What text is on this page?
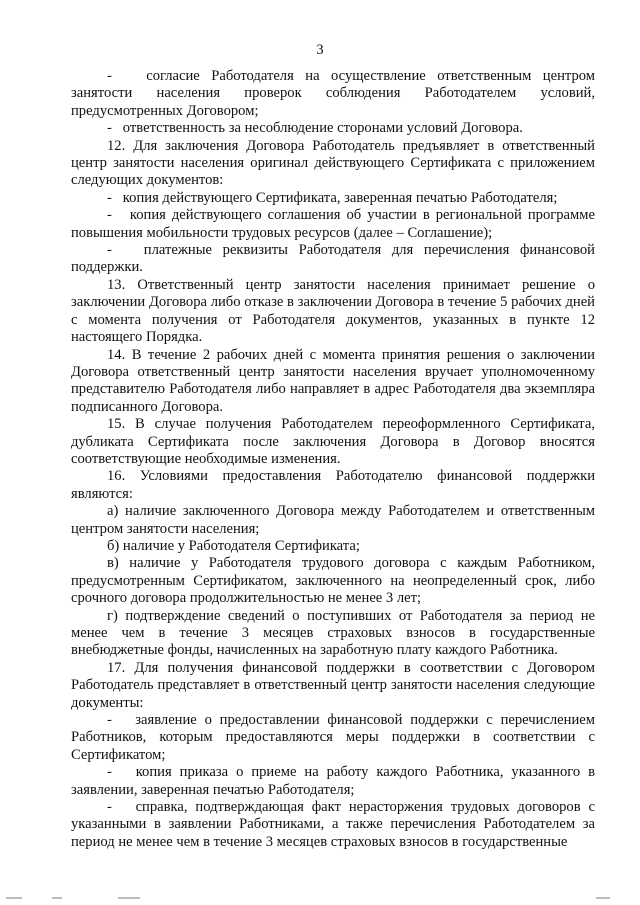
3

-   согласие Работодателя на осуществление ответственным центром занятости населения проверок соблюдения Работодателем условий, предусмотренных Договором;

-   ответственность за несоблюдение сторонами условий Договора.

12. Для заключения Договора Работодатель предъявляет в ответственный центр занятости населения оригинал действующего Сертификата с приложением следующих документов:

-   копия действующего Сертификата, заверенная печатью Работодателя;

-   копия действующего соглашения об участии в региональной программе повышения мобильности трудовых ресурсов (далее – Соглашение);

-   платежные реквизиты Работодателя для перечисления финансовой поддержки.

13. Ответственный центр занятости населения принимает решение о заключении Договора либо отказе в заключении Договора в течение 5 рабочих дней с момента получения от Работодателя документов, указанных в пункте 12 настоящего Порядка.

14. В течение 2 рабочих дней с момента принятия решения о заключении Договора ответственный центр занятости населения вручает уполномоченному представителю Работодателя либо направляет в адрес Работодателя два экземпляра подписанного Договора.

15. В случае получения Работодателем переоформленного Сертификата, дубликата Сертификата после заключения Договора в Договор вносятся соответствующие необходимые изменения.

16. Условиями предоставления Работодателю финансовой поддержки являются:

а) наличие заключенного Договора между Работодателем и ответственным центром занятости населения;

б) наличие у Работодателя Сертификата;

в) наличие у Работодателя трудового договора с каждым Работником, предусмотренным Сертификатом, заключенного на неопределенный срок, либо срочного договора продолжительностью не менее 3 лет;

г) подтверждение сведений о поступивших от Работодателя за период не менее чем в течение 3 месяцев страховых взносов в государственные внебюджетные фонды, начисленных на заработную плату каждого Работника.

17. Для получения финансовой поддержки в соответствии с Договором Работодатель представляет в ответственный центр занятости населения следующие документы:

-   заявление о предоставлении финансовой поддержки с перечислением Работников, которым предоставляются меры поддержки в соответствии с Сертификатом;

-   копия приказа о приеме на работу каждого Работника, указанного в заявлении, заверенная печатью Работодателя;

-   справка, подтверждающая факт нерасторжения трудовых договоров с указанными в заявлении Работниками, а также перечисления Работодателем за период не менее чем в течение 3 месяцев страховых взносов в государственные
